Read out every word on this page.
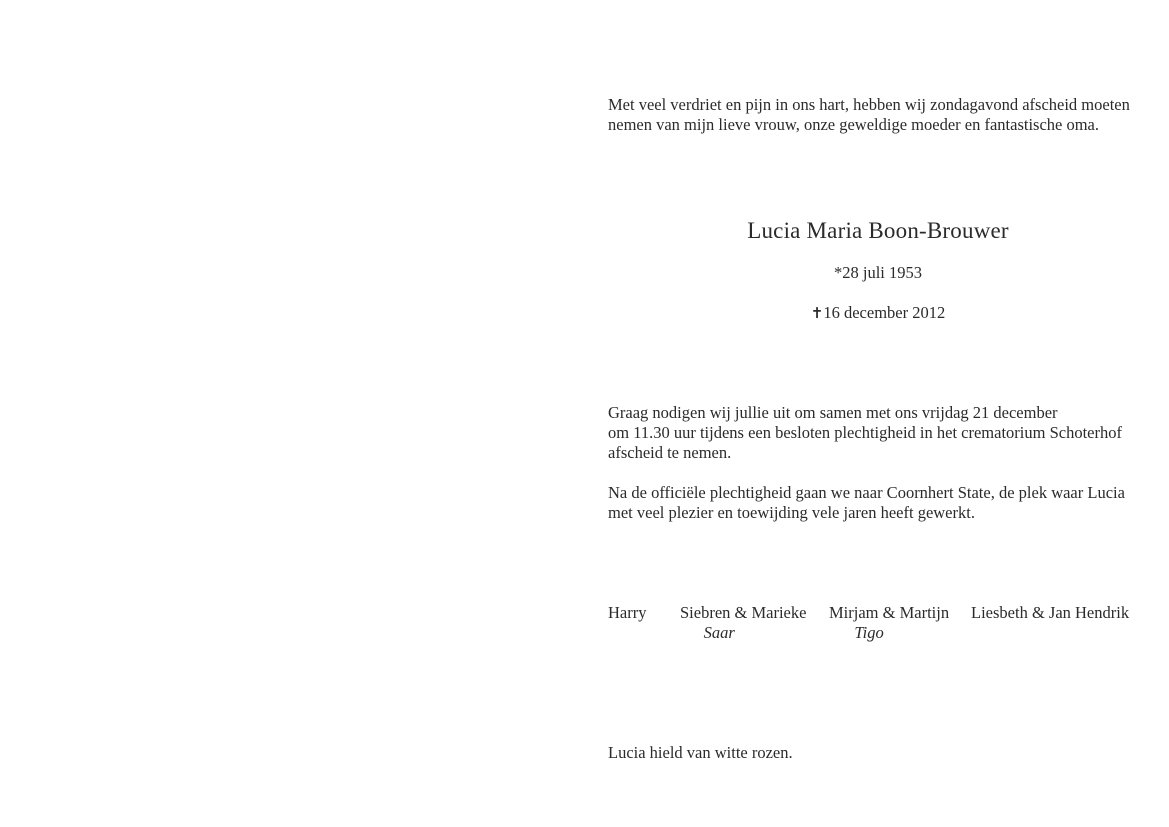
Met veel verdriet en pijn in ons hart, hebben wij zondagavond afscheid moeten
nemen van mijn lieve vrouw, onze geweldige moeder en fantastische oma.
Lucia Maria Boon-Brouwer
*28 juli 1953
✝16 december 2012
Graag nodigen wij jullie uit om samen met ons vrijdag 21 december
om 11.30 uur tijdens een besloten plechtigheid in het crematorium Schoterhof
afscheid te nemen.
Na de officiële plechtigheid gaan we naar Coornhert State, de plek waar Lucia
met veel plezier en toewijding vele jaren heeft gewerkt.
Harry Siebren & Marieke
Saar
Mirjam & Martijn
Tigo
Liesbeth & Jan Hendrik
Lucia hield van witte rozen.
